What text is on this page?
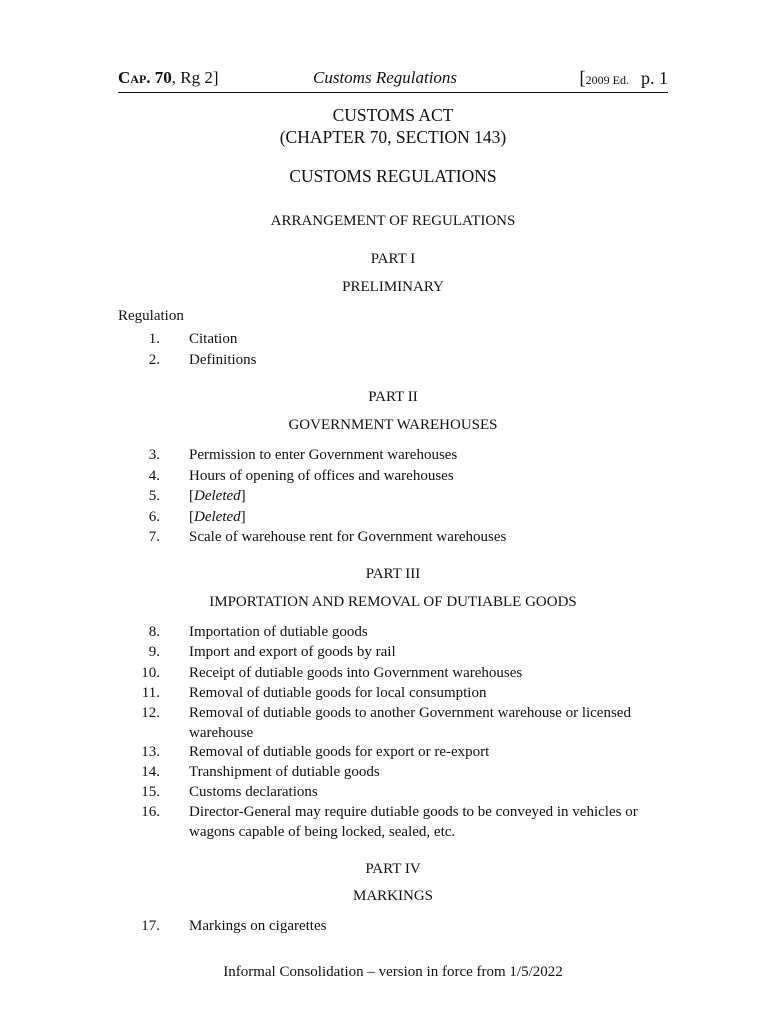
Cap. 70, Rg 2]	Customs Regulations	[2009 Ed. p. 1
CUSTOMS ACT
(CHAPTER 70, SECTION 143)
CUSTOMS REGULATIONS
ARRANGEMENT OF REGULATIONS
PART I
PRELIMINARY
Regulation
1. Citation
2. Definitions
PART II
GOVERNMENT WAREHOUSES
3. Permission to enter Government warehouses
4. Hours of opening of offices and warehouses
5. [Deleted]
6. [Deleted]
7. Scale of warehouse rent for Government warehouses
PART III
IMPORTATION AND REMOVAL OF DUTIABLE GOODS
8. Importation of dutiable goods
9. Import and export of goods by rail
10. Receipt of dutiable goods into Government warehouses
11. Removal of dutiable goods for local consumption
12. Removal of dutiable goods to another Government warehouse or licensed warehouse
13. Removal of dutiable goods for export or re-export
14. Transhipment of dutiable goods
15. Customs declarations
16. Director-General may require dutiable goods to be conveyed in vehicles or wagons capable of being locked, sealed, etc.
PART IV
MARKINGS
17. Markings on cigarettes
Informal Consolidation – version in force from 1/5/2022
